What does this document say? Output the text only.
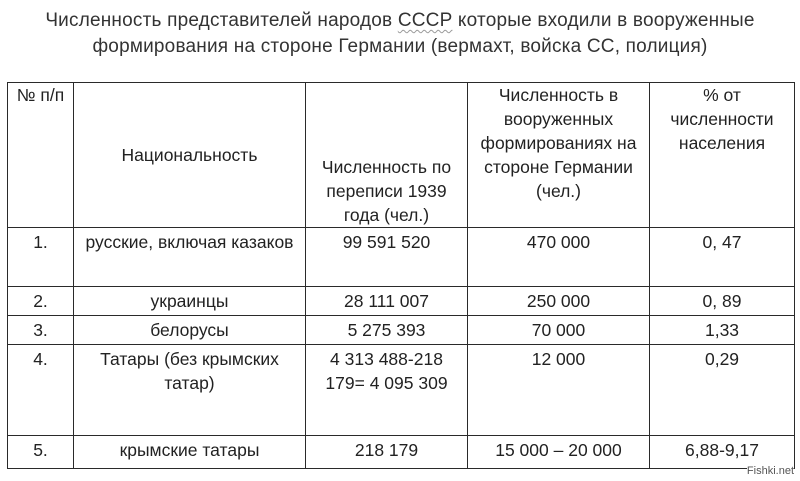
Численность представителей народов СССР которые входили в вооруженные
формирования на стороне Германии (вермахт, войска СС, полиция)
№ п/п	Национальность	Численность по переписи 1939 года (чел.)	Численность в вооруженных формированиях на стороне Германии (чел.)	% от численности населения
1.	русские, включая казаков	99 591 520	470 000	0, 47
2.	украинцы	28 111 007	250 000	0, 89
3.	белорусы	5 275 393	70 000	1,33
4.	Татары (без крымских татар)	4 313 488-218 179= 4 095 309	12 000	0,29
5.	крымские татары	218 179	15 000 – 20 000	6,88-9,17
Fishki.net
